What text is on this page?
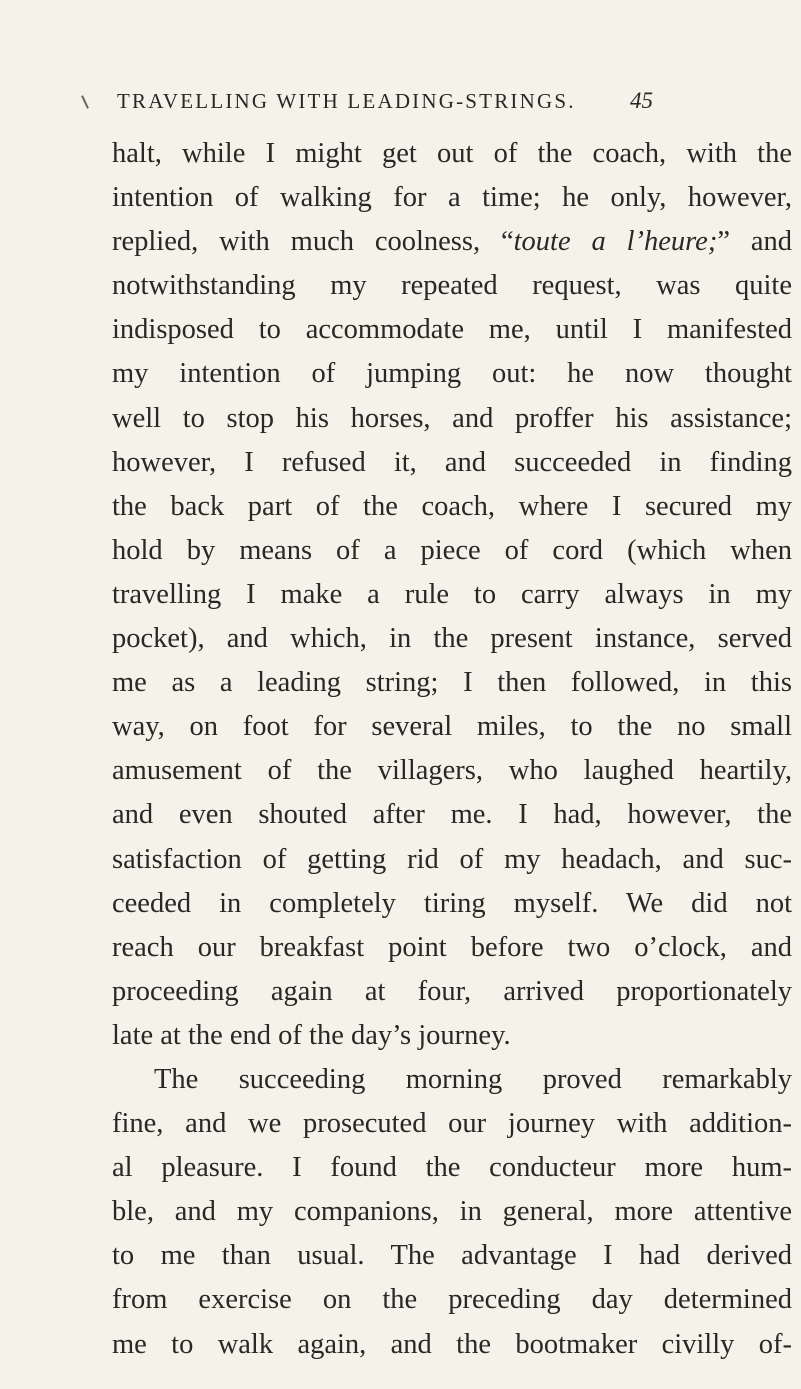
TRAVELLING WITH LEADING-STRINGS. 45
halt, while I might get out of the coach, with the
intention of walking for a time; he only, however,
replied, with much coolness, “toute a l’heure;” and
notwithstanding my repeated request, was quite
indisposed to accommodate me, until I manifested
my intention of jumping out: he now thought
well to stop his horses, and proffer his assistance;
however, I refused it, and succeeded in finding
the back part of the coach, where I secured my
hold by means of a piece of cord (which when
travelling I make a rule to carry always in my
pocket), and which, in the present instance, served
me as a leading string; I then followed, in this
way, on foot for several miles, to the no small
amusement of the villagers, who laughed heartily,
and even shouted after me. I had, however, the
satisfaction of getting rid of my headach, and suc-
ceeded in completely tiring myself. We did not
reach our breakfast point before two o’clock, and
proceeding again at four, arrived proportionately
late at the end of the day’s journey.
The succeeding morning proved remarkably
fine, and we prosecuted our journey with addition-
al pleasure. I found the conducteur more hum-
ble, and my companions, in general, more attentive
to me than usual. The advantage I had derived
from exercise on the preceding day determined
me to walk again, and the bootmaker civilly of-
